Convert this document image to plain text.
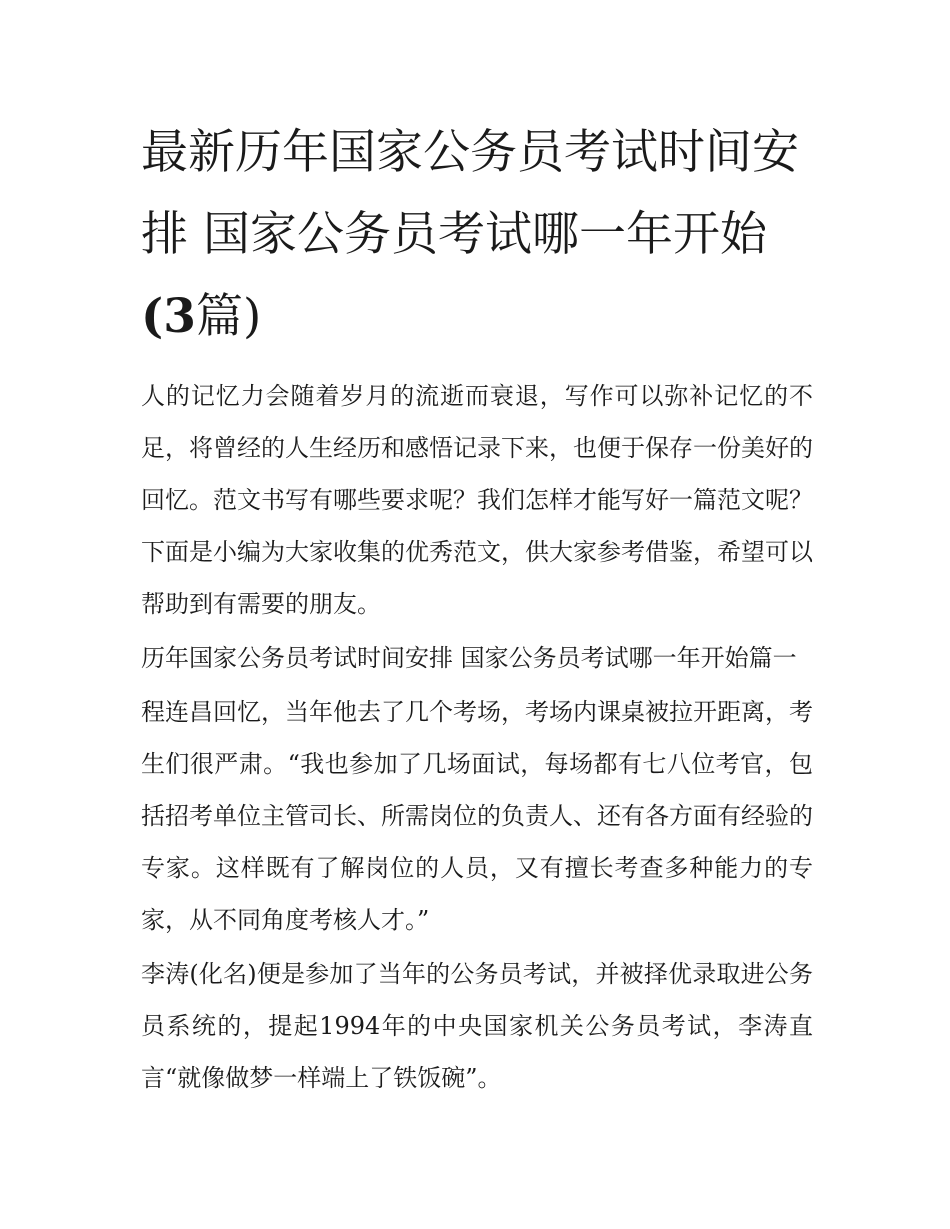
最新历年国家公务员考试时间安排 国家公务员考试哪一年开始(3篇)

人的记忆力会随着岁月的流逝而衰退，写作可以弥补记忆的不足，将曾经的人生经历和感悟记录下来，也便于保存一份美好的回忆。范文书写有哪些要求呢？我们怎样才能写好一篇范文呢？下面是小编为大家收集的优秀范文，供大家参考借鉴，希望可以帮助到有需要的朋友。

历年国家公务员考试时间安排 国家公务员考试哪一年开始篇一

程连昌回忆，当年他去了几个考场，考场内课桌被拉开距离，考生们很严肃。“我也参加了几场面试，每场都有七八位考官，包括招考单位主管司长、所需岗位的负责人、还有各方面有经验的专家。这样既有了解岗位的人员，又有擅长考查多种能力的专家，从不同角度考核人才。”

李涛(化名)便是参加了当年的公务员考试，并被择优录取进公务员系统的，提起1994年的中央国家机关公务员考试，李涛直言“就像做梦一样端上了铁饭碗”。
